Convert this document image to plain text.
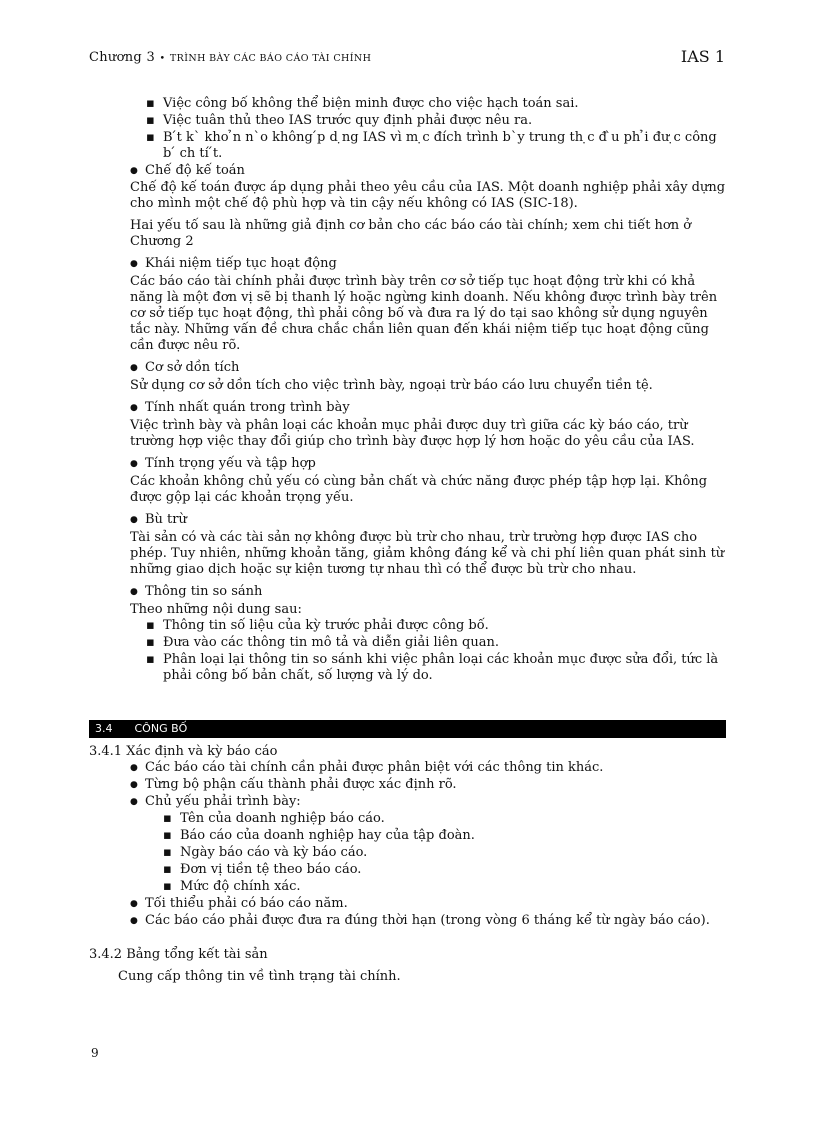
Chương 3 • TRÌNH BÀY CÁC BÁO CÁO TÀI CHÍNH	IAS 1

▪ Việc công bố không thể biện minh được cho việc hạch toán sai.

▪ Việc tuân thủ theo IAS trước quy định phải được nêu ra.

▪ B ́t k` kho ̉n n`o không ́p d ̣ng IAS vì m ̣c đích trình b`y trung th ̣c đ ̀u ph ̉i đư ̣c công b ́ ch tí ́t.

● Chế độ kế toán

Chế độ kế toán được áp dụng phải theo yêu cầu của IAS. Một doanh nghiệp phải xây dựng cho mình một chế độ phù hợp và tin cậy nếu không có IAS (SIC-18).

Hai yếu tố sau là những giả định cơ bản cho các báo cáo tài chính; xem chi tiết hơn ở Chương 2

● Khái niệm tiếp tục hoạt động

Các báo cáo tài chính phải được trình bày trên cơ sở tiếp tục hoạt động trừ khi có khả năng là một đơn vị sẽ bị thanh lý hoặc ngừng kinh doanh. Nếu không được trình bày trên cơ sở tiếp tục hoạt động, thì phải công bố và đưa ra lý do tại sao không sử dụng nguyên tắc này. Những vấn đề chưa chắc chắn liên quan đến khái niệm tiếp tục hoạt động cũng cần được nêu rõ.

● Cơ sở dồn tích

Sử dụng cơ sở dồn tích cho việc trình bày, ngoại trừ báo cáo lưu chuyển tiền tệ.

● Tính nhất quán trong trình bày

Việc trình bày và phân loại các khoản mục phải được duy trì giữa các kỳ báo cáo, trừ trường hợp việc thay đổi giúp cho trình bày được hợp lý hơn hoặc do yêu cầu của IAS.

● Tính trọng yếu và tập hợp

Các khoản không chủ yếu có cùng bản chất và chức năng được phép tập hợp lại. Không được gộp lại các khoản trọng yếu.

● Bù trừ

Tài sản có và các tài sản nợ không được bù trừ cho nhau, trừ trường hợp được IAS cho phép. Tuy nhiên, những khoản tăng, giảm không đáng kể và chi phí liên quan phát sinh từ những giao dịch hoặc sự kiện tương tự nhau thì có thể được bù trừ cho nhau.

● Thông tin so sánh

Theo những nội dung sau:

▪ Thông tin số liệu của kỳ trước phải được công bố.

▪ Đưa vào các thông tin mô tả và diễn giải liên quan.

▪ Phân loại lại thông tin so sánh khi việc phân loại các khoản mục được sửa đổi, tức là phải công bố bản chất, số lượng và lý do.

3.4 CÔNG BỐ

3.4.1 Xác định và kỳ báo cáo

● Các báo cáo tài chính cần phải được phân biệt với các thông tin khác.

● Từng bộ phận cấu thành phải được xác định rõ.

● Chủ yếu phải trình bày:

▪ Tên của doanh nghiệp báo cáo.

▪ Báo cáo của doanh nghiệp hay của tập đoàn.

▪ Ngày báo cáo và kỳ báo cáo.

▪ Đơn vị tiền tệ theo báo cáo.

▪ Mức độ chính xác.

● Tối thiểu phải có báo cáo năm.

● Các báo cáo phải được đưa ra đúng thời hạn (trong vòng 6 tháng kể từ ngày báo cáo).

3.4.2 Bảng tổng kết tài sản

Cung cấp thông tin về tình trạng tài chính.

9
